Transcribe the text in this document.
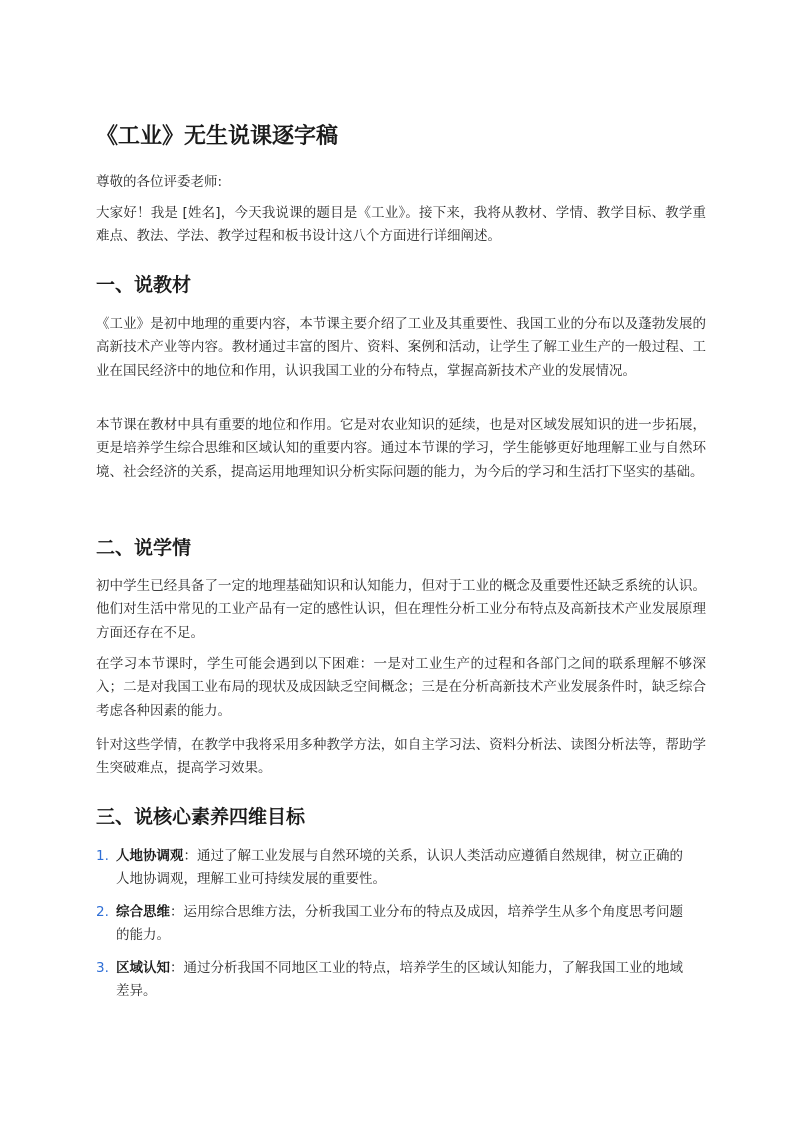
《工业》无生说课逐字稿

尊敬的各位评委老师:

大家好！我是 [姓名]，今天我说课的题目是《工业》。接下来，我将从教材、学情、教学目标、教学重难点、教法、学法、教学过程和板书设计这八个方面进行详细阐述。

一、说教材

《工业》是初中地理的重要内容，本节课主要介绍了工业及其重要性、我国工业的分布以及蓬勃发展的高新技术产业等内容。教材通过丰富的图片、资料、案例和活动，让学生了解工业生产的一般过程、工业在国民经济中的地位和作用，认识我国工业的分布特点，掌握高新技术产业的发展情况。

本节课在教材中具有重要的地位和作用。它是对农业知识的延续，也是对区域发展知识的进一步拓展，更是培养学生综合思维和区域认知的重要内容。通过本节课的学习，学生能够更好地理解工业与自然环境、社会经济的关系，提高运用地理知识分析实际问题的能力，为今后的学习和生活打下坚实的基础。

二、说学情

初中学生已经具备了一定的地理基础知识和认知能力，但对于工业的概念及重要性还缺乏系统的认识。他们对生活中常见的工业产品有一定的感性认识，但在理性分析工业分布特点及高新技术产业发展原理方面还存在不足。

在学习本节课时，学生可能会遇到以下困难：一是对工业生产的过程和各部门之间的联系理解不够深入；二是对我国工业布局的现状及成因缺乏空间概念；三是在分析高新技术产业发展条件时，缺乏综合考虑各种因素的能力。

针对这些学情，在教学中我将采用多种教学方法，如自主学习法、资料分析法、读图分析法等，帮助学生突破难点，提高学习效果。

三、说核心素养四维目标
1. 人地协调观：通过了解工业发展与自然环境的关系，认识人类活动应遵循自然规律，树立正确的人地协调观，理解工业可持续发展的重要性。
2. 综合思维：运用综合思维方法，分析我国工业分布的特点及成因，培养学生从多个角度思考问题的能力。
3. 区域认知：通过分析我国不同地区工业的特点，培养学生的区域认知能力，了解我国工业的地域差异。
